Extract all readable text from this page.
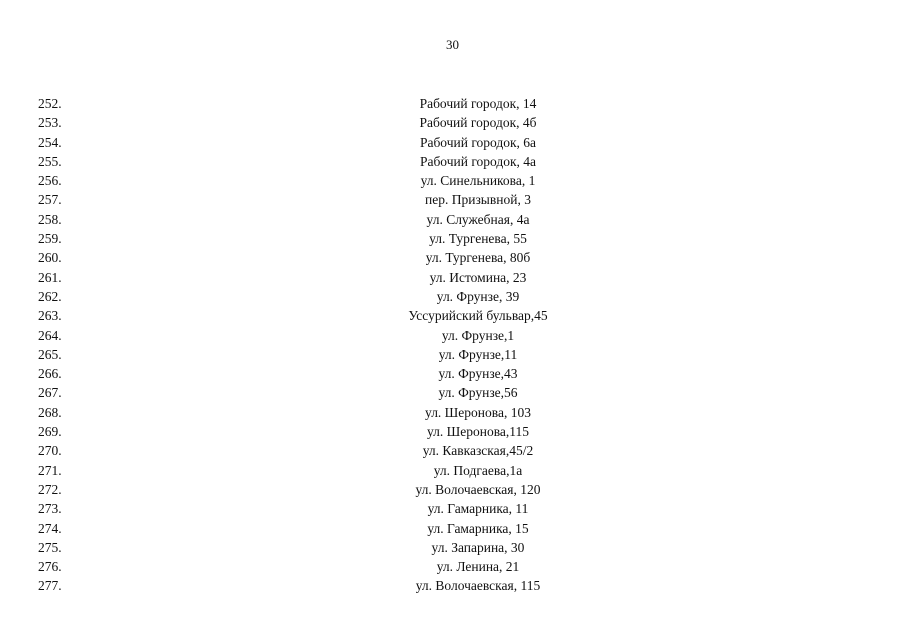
30
252.	Рабочий городок, 14
253.	Рабочий городок, 4б
254.	Рабочий городок, 6а
255.	Рабочий городок, 4а
256.	ул. Синельникова, 1
257.	пер. Призывной, 3
258.	ул. Служебная, 4а
259.	ул. Тургенева, 55
260.	ул. Тургенева, 80б
261.	ул. Истомина, 23
262.	ул. Фрунзе, 39
263.	Уссурийский бульвар,45
264.	ул. Фрунзе,1
265.	ул. Фрунзе,11
266.	ул. Фрунзе,43
267.	ул. Фрунзе,56
268.	ул. Шеронова, 103
269.	ул. Шеронова,115
270.	ул. Кавказская,45/2
271.	ул. Подгаева,1а
272.	ул. Волочаевская, 120
273.	ул. Гамарника, 11
274.	ул. Гамарника, 15
275.	ул. Запарина, 30
276.	ул. Ленина, 21
277.	ул. Волочаевская, 115
